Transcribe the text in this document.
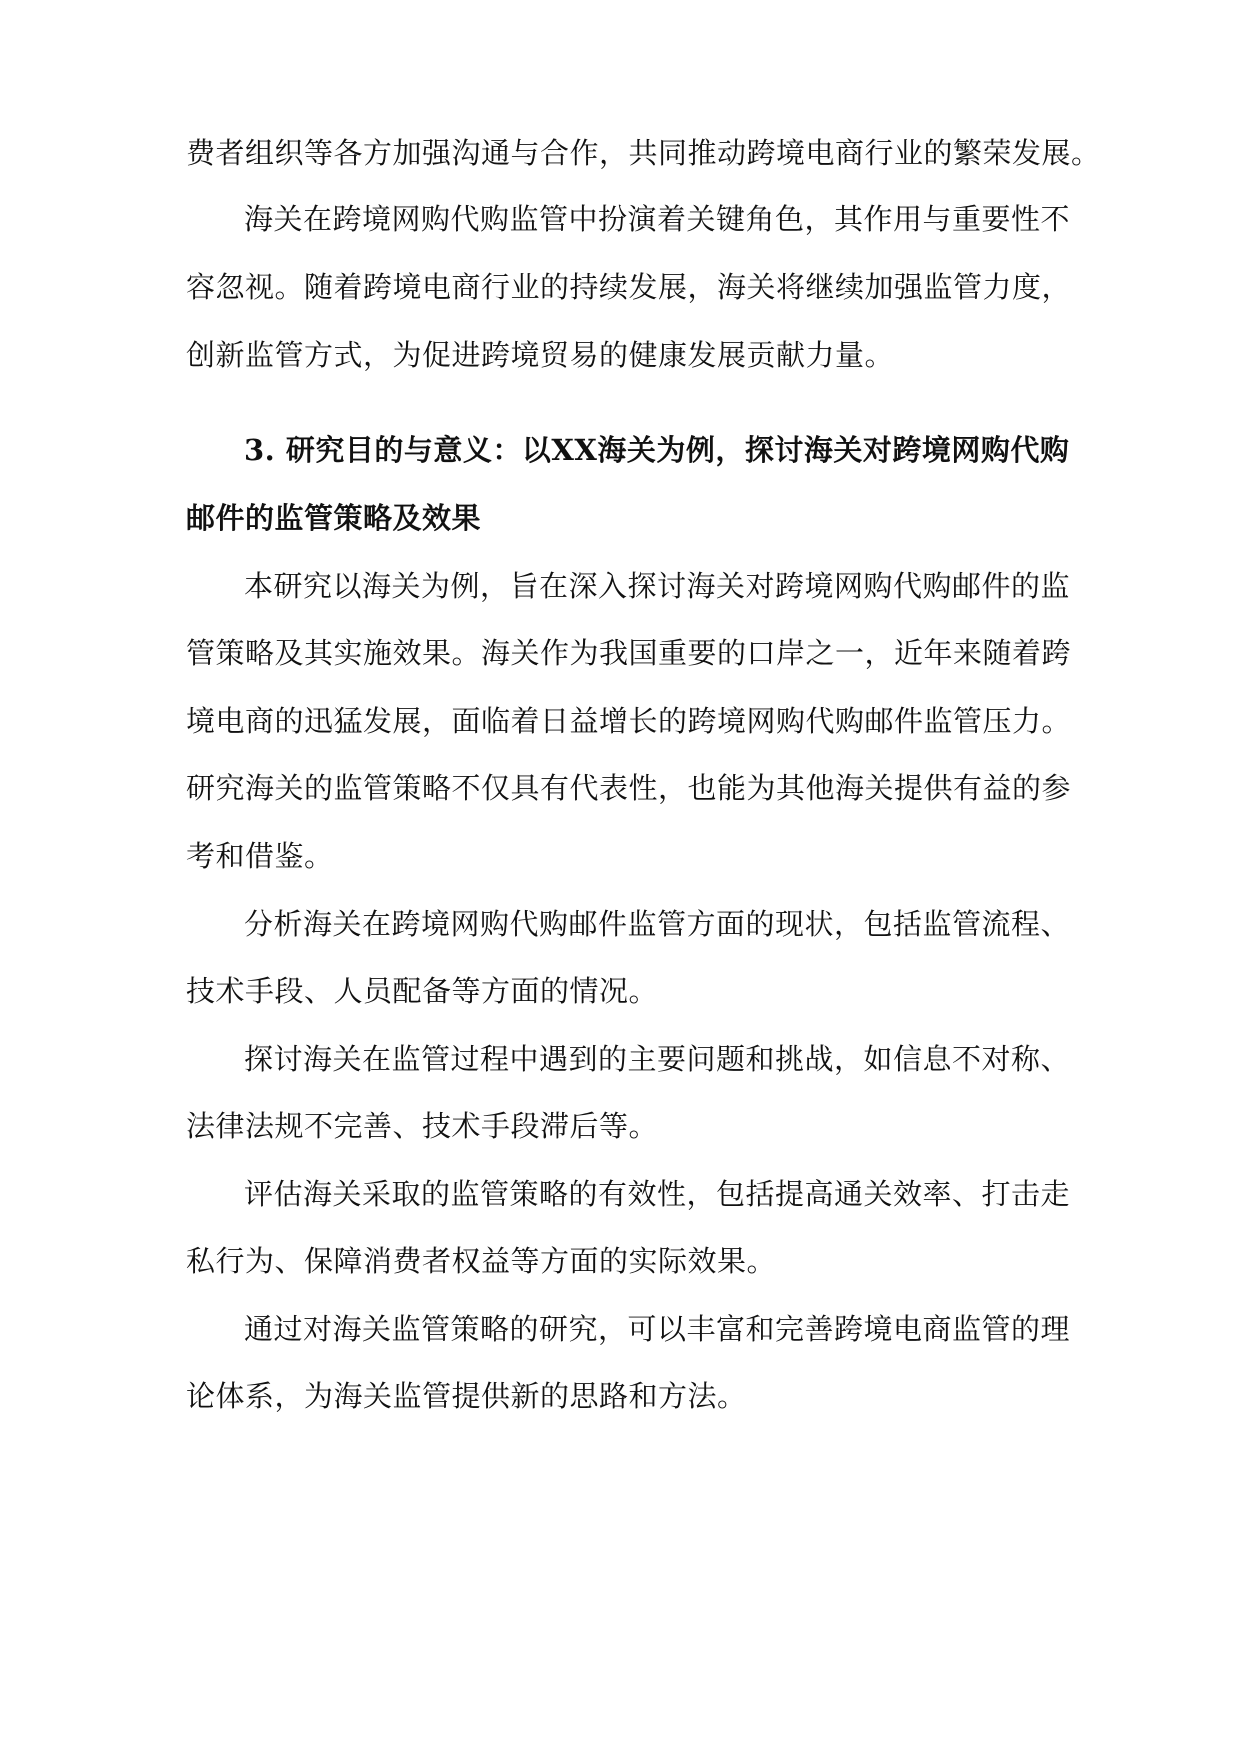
费者组织等各方加强沟通与合作，共同推动跨境电商行业的繁荣发展。

海关在跨境网购代购监管中扮演着关键角色，其作用与重要性不

容忽视。随着跨境电商行业的持续发展，海关将继续加强监管力度，

创新监管方式，为促进跨境贸易的健康发展贡献力量。

3. 研究目的与意义：以XX海关为例，探讨海关对跨境网购代购

邮件的监管策略及效果

本研究以海关为例，旨在深入探讨海关对跨境网购代购邮件的监

管策略及其实施效果。海关作为我国重要的口岸之一，近年来随着跨

境电商的迅猛发展，面临着日益增长的跨境网购代购邮件监管压力。

研究海关的监管策略不仅具有代表性，也能为其他海关提供有益的参

考和借鉴。

分析海关在跨境网购代购邮件监管方面的现状，包括监管流程、

技术手段、人员配备等方面的情况。

探讨海关在监管过程中遇到的主要问题和挑战，如信息不对称、

法律法规不完善、技术手段滞后等。

评估海关采取的监管策略的有效性，包括提高通关效率、打击走

私行为、保障消费者权益等方面的实际效果。

通过对海关监管策略的研究，可以丰富和完善跨境电商监管的理

论体系，为海关监管提供新的思路和方法。
